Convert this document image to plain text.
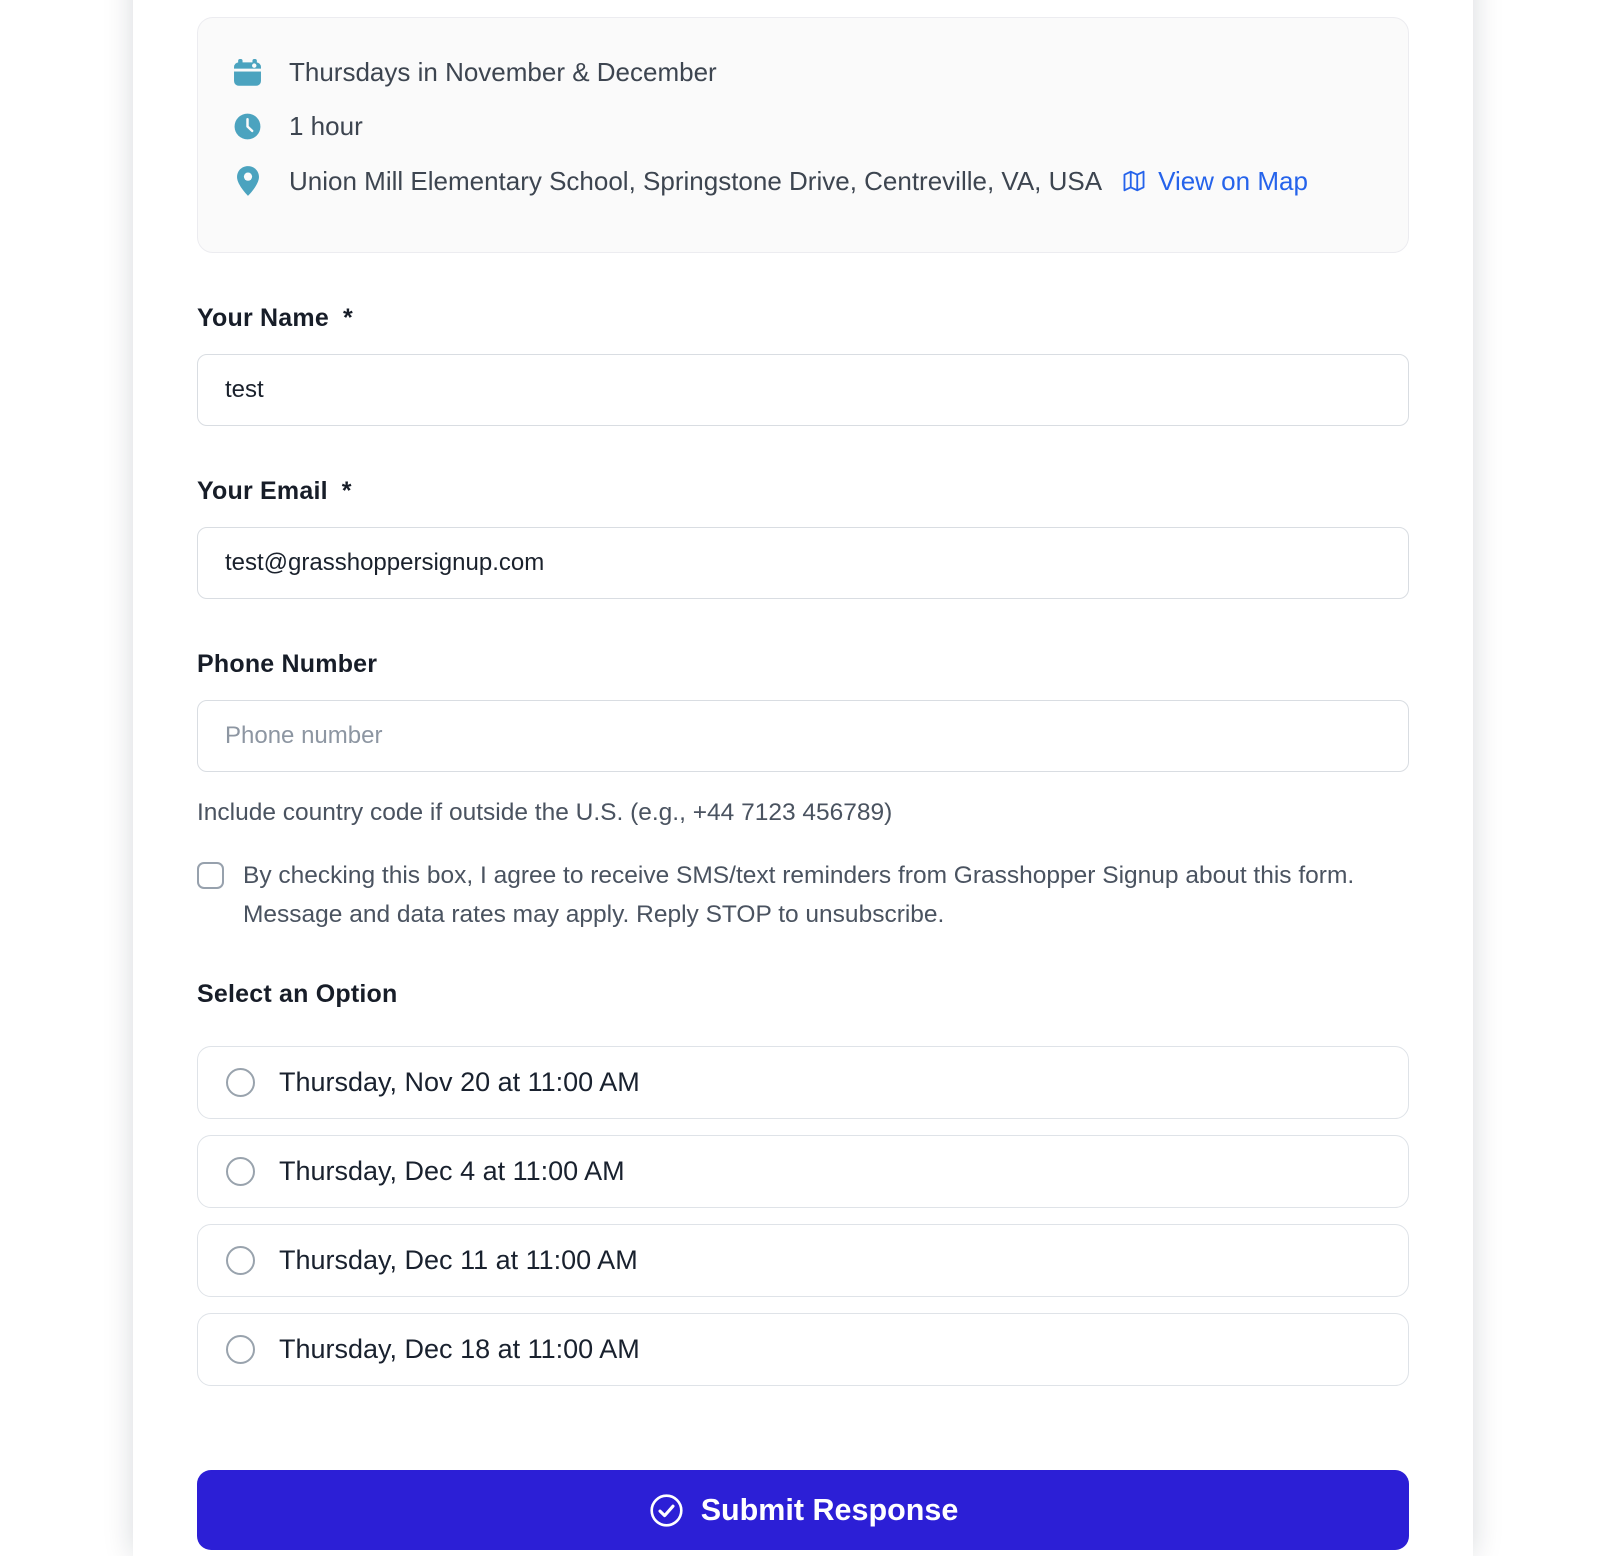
Thursdays in November & December
1 hour
Union Mill Elementary School, Springstone Drive, Centreville, VA, USA View on Map
Your Name *
test
Your Email *
test@grasshoppersignup.com
Phone Number
Phone number
Include country code if outside the U.S. (e.g., +44 7123 456789)
By checking this box, I agree to receive SMS/text reminders from Grasshopper Signup about this form. Message and data rates may apply. Reply STOP to unsubscribe.
Select an Option
Thursday, Nov 20 at 11:00 AM
Thursday, Dec 4 at 11:00 AM
Thursday, Dec 11 at 11:00 AM
Thursday, Dec 18 at 11:00 AM
Submit Response
